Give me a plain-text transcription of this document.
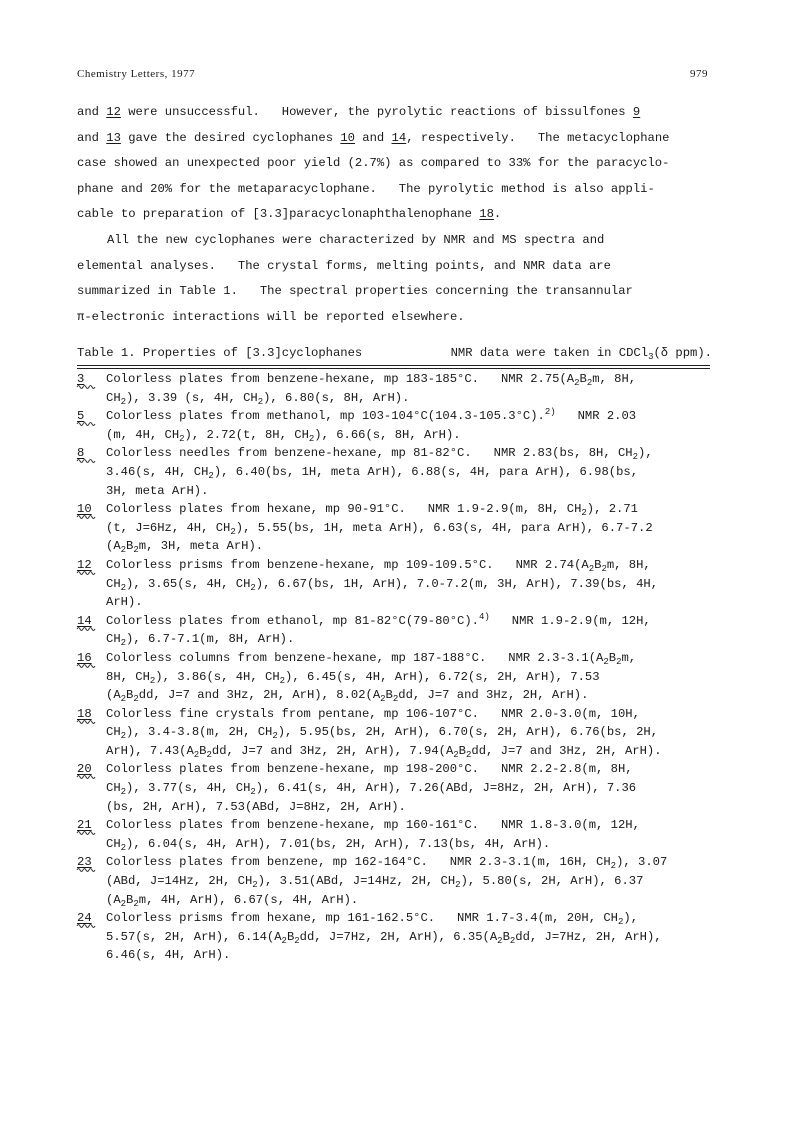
Chemistry Letters, 1977	979

and 12 were unsuccessful.   However, the pyrolytic reactions of bissulfones 9
and 13 gave the desired cyclophanes 10 and 14, respectively.   The metacyclophane
case showed an unexpected poor yield (2.7%) as compared to 33% for the paracyclo-
phane and 20% for the metaparacyclophane.   The pyrolytic method is also appli-
cable to preparation of [3.3]paracyclonaphthalenophane 18.

All the new cyclophanes were characterized by NMR and MS spectra and
elemental analyses.   The crystal forms, melting points, and NMR data are
summarized in Table 1.   The spectral properties concerning the transannular
π-electronic interactions will be reported elsewhere.

Table 1. Properties of [3.3]cyclophanes	NMR data were taken in CDCl$_3$(δ ppm).
3	Colorless plates from benzene-hexane, mp 183-185°C.   NMR $2.75(A_2B_2m$, 8H,
$CH_2$), 3.39 (s, 4H, $CH_2$), 6.80(s, 8H, ArH).
5	Colorless plates from methanol, mp 103-104°C(104.3-105.3°C).$^{2)}$   NMR 2.03
(m, 4H, $CH_2$), 2.72(t, 8H, $CH_2$), 6.66(s, 8H, ArH).
8	Colorless needles from benzene-hexane, mp 81-82°C.   NMR 2.83(bs, 8H, $CH_2$),
3.46(s, 4H, $CH_2$), 6.40(bs, 1H, meta ArH), 6.88(s, 4H, para ArH), 6.98(bs,
3H, meta ArH).
10	Colorless plates from hexane, mp 90-91°C.   NMR 1.9-2.9(m, 8H, $CH_2$), 2.71
(t, J=6Hz, 4H, $CH_2$), 5.55(bs, 1H, meta ArH), 6.63(s, 4H, para ArH), 6.7-7.2
($A_2B_2m$, 3H, meta ArH).
12	Colorless prisms from benzene-hexane, mp 109-109.5°C.   NMR $2.74(A_2B_2m$, 8H,
$CH_2$), 3.65(s, 4H, $CH_2$), 6.67(bs, 1H, ArH), 7.0-7.2(m, 3H, ArH), 7.39(bs, 4H,
ArH).
14	Colorless plates from ethanol, mp 81-82°C(79-80°C).$^{4)}$   NMR 1.9-2.9(m, 12H,
$CH_2$), 6.7-7.1(m, 8H, ArH).
16	Colorless columns from benzene-hexane, mp 187-188°C.   NMR $2.3-3.1(A_2B_2m$,
8H, $CH_2$), 3.86(s, 4H, $CH_2$), 6.45(s, 4H, ArH), 6.72(s, 2H, ArH), 7.53
($A_2B_2dd$, J=7 and 3Hz, 2H, ArH), $8.02(A_2B_2dd$, J=7 and 3Hz, 2H, ArH).
18	Colorless fine crystals from pentane, mp 106-107°C.   NMR 2.0-3.0(m, 10H,
$CH_2$), 3.4-3.8(m, 2H, $CH_2$), 5.95(bs, 2H, ArH), 6.70(s, 2H, ArH), 6.76(bs, 2H,
ArH), $7.43(A_2B_2dd$, J=7 and 3Hz, 2H, ArH), $7.94(A_2B_2dd$, J=7 and 3Hz, 2H, ArH).
20	Colorless plates from benzene-hexane, mp 198-200°C.   NMR 2.2-2.8(m, 8H,
$CH_2$), 3.77(s, 4H, $CH_2$), 6.41(s, 4H, ArH), 7.26(ABd, J=8Hz, 2H, ArH), 7.36
(bs, 2H, ArH), 7.53(ABd, J=8Hz, 2H, ArH).
21	Colorless plates from benzene-hexane, mp 160-161°C.   NMR 1.8-3.0(m, 12H,
$CH_2$), 6.04(s, 4H, ArH), 7.01(bs, 2H, ArH), 7.13(bs, 4H, ArH).
23	Colorless plates from benzene, mp 162-164°C.   NMR 2.3-3.1(m, 16H, $CH_2$), 3.07
(ABd, J=14Hz, 2H, $CH_2$), 3.51(ABd, J=14Hz, 2H, $CH_2$), 5.80(s, 2H, ArH), 6.37
($A_2B_2m$, 4H, ArH), 6.67(s, 4H, ArH).
24	Colorless prisms from hexane, mp 161-162.5°C.   NMR 1.7-3.4(m, 20H, $CH_2$),
5.57(s, 2H, ArH), $6.14(A_2B_2dd$, J=7Hz, 2H, ArH), $6.35(A_2B_2dd$, J=7Hz, 2H, ArH),
6.46(s, 4H, ArH).
